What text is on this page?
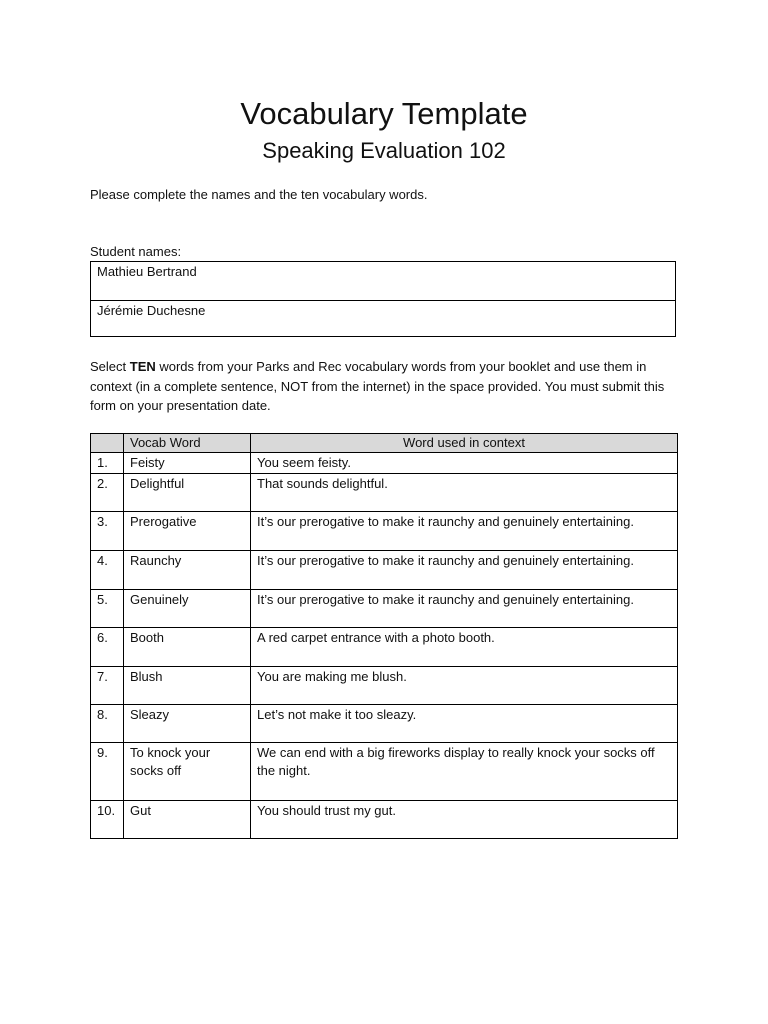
Vocabulary Template
Speaking Evaluation 102

Please complete the names and the ten vocabulary words.

Student names:

Mathieu Bertrand
Jérémie Duchesne

Select TEN words from your Parks and Rec vocabulary words from your booklet and use them in context (in a complete sentence, NOT from the internet) in the space provided. You must submit this form on your presentation date.

	Vocab Word	Word used in context
1.	Feisty	You seem feisty.
2.	Delightful	That sounds delightful.
3.	Prerogative	It’s our prerogative to make it raunchy and genuinely entertaining.
4.	Raunchy	It’s our prerogative to make it raunchy and genuinely entertaining.
5.	Genuinely	It’s our prerogative to make it raunchy and genuinely entertaining.
6.	Booth	A red carpet entrance with a photo booth.
7.	Blush	You are making me blush.
8.	Sleazy	Let’s not make it too sleazy.
9.	To knock your socks off	We can end with a big fireworks display to really knock your socks off the night.
10.	Gut	You should trust my gut.
